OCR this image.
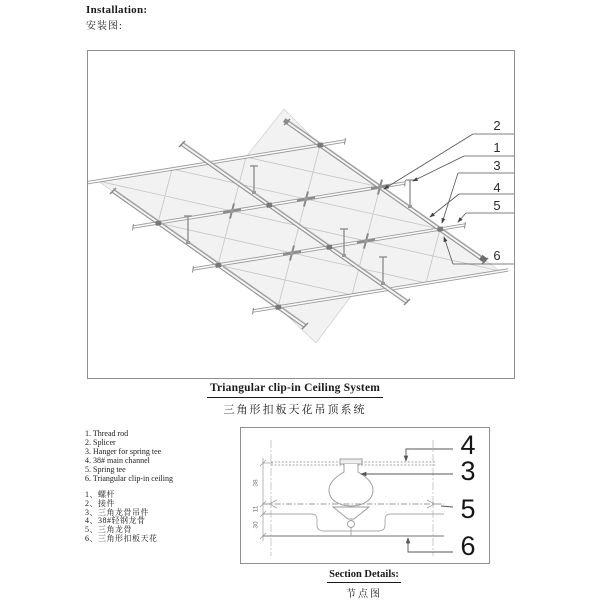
Installation:
安装图:
2
1
3
4
5
6
Triangular clip-in Ceiling System
三角形扣板天花吊顶系统
1. Thread rod
2. Splicer
3. Hanger for spring tee
4. 38# main channel
5. Spring tee
6. Triangular clip-in ceiling
1、螺杆
2、接件
3、三角龙骨吊件
4、38#轻钢龙骨
5、三角龙骨
6、三角形扣板天花
4
3
5
6
38
11
30
Section Details:
节点图
